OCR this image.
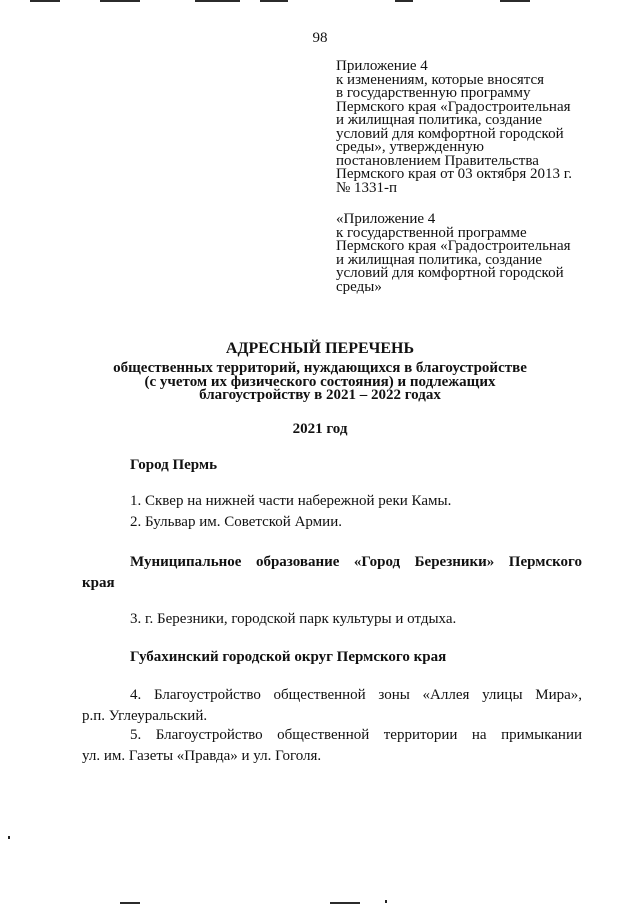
98
Приложение 4
к изменениям, которые вносятся
в государственную программу
Пермского края «Градостроительная
и жилищная политика, создание
условий для комфортной городской
среды», утвержденную
постановлением Правительства
Пермского края от 03 октября 2013 г.
№ 1331-п
«Приложение 4
к государственной программе
Пермского края «Градостроительная
и жилищная политика, создание
условий для комфортной городской
среды»
АДРЕСНЫЙ ПЕРЕЧЕНЬ
общественных территорий, нуждающихся в благоустройстве
(с учетом их физического состояния) и подлежащих
благоустройству в 2021 – 2022 годах
2021 год
Город Пермь
1. Сквер на нижней части набережной реки Камы.
2. Бульвар им. Советской Армии.
Муниципальное образование «Город Березники» Пермского
края
3. г. Березники, городской парк культуры и отдыха.
Губахинский городской округ Пермского края
4. Благоустройство общественной зоны «Аллея улицы Мира»,
р.п. Углеуральский.
5. Благоустройство общественной территории на примыкании
ул. им. Газеты «Правда» и ул. Гоголя.
